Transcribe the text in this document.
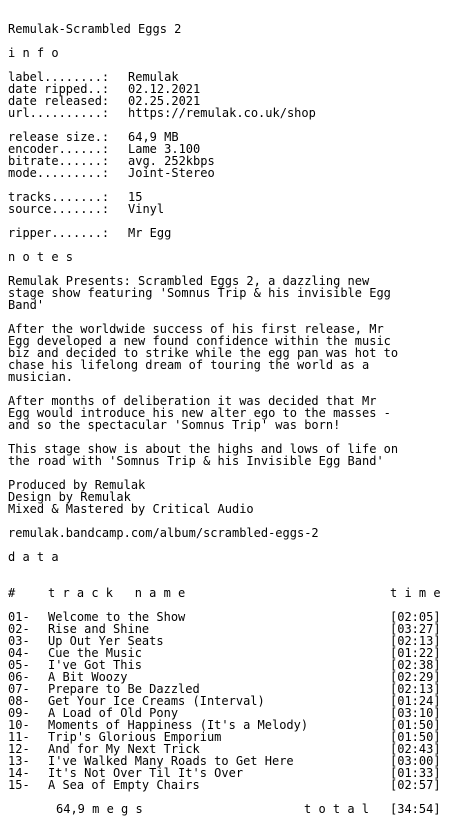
Remulak-Scrambled Eggs 2
i n f o
label........:	Remulak
date ripped..:	02.12.2021
date released:	02.25.2021
url..........:	https://remulak.co.uk/shop
release size.:	64,9 MB
encoder......:	Lame 3.100
bitrate......:	avg. 252kbps
mode.........:	Joint-Stereo
tracks.......:	15
source.......:	Vinyl
ripper.......:	Mr Egg
n o t e s
Remulak Presents: Scrambled Eggs 2, a dazzling new
stage show featuring 'Somnus Trip & his invisible Egg
Band'
After the worldwide success of his first release, Mr
Egg developed a new found confidence within the music
biz and decided to strike while the egg pan was hot to
chase his lifelong dream of touring the world as a
musician.
After months of deliberation it was decided that Mr
Egg would introduce his new alter ego to the masses -
and so the spectacular 'Somnus Trip' was born!
This stage show is about the highs and lows of life on
the road with 'Somnus Trip & his Invisible Egg Band'
Produced by Remulak
Design by Remulak
Mixed & Mastered by Critical Audio
remulak.bandcamp.com/album/scrambled-eggs-2
d a t a
#	t r a c k   n a m e	t i m e
01-	Welcome to the Show	[02:05]
02-	Rise and Shine	[03:27]
03-	Up Out Yer Seats	[02:13]
04-	Cue the Music	[01:22]
05-	I've Got This	[02:38]
06-	A Bit Woozy	[02:29]
07-	Prepare to Be Dazzled	[02:13]
08-	Get Your Ice Creams (Interval)	[01:24]
09-	A Load of Old Pony	[03:10]
10-	Moments of Happiness (It's a Melody)	[01:50]
11-	Trip's Glorious Emporium	[01:50]
12-	And for My Next Trick	[02:43]
13-	I've Walked Many Roads to Get Here	[03:00]
14-	It's Not Over Til It's Over	[01:33]
15-	A Sea of Empty Chairs	[02:57]
64,9 m e g s	t o t a l	[34:54]
